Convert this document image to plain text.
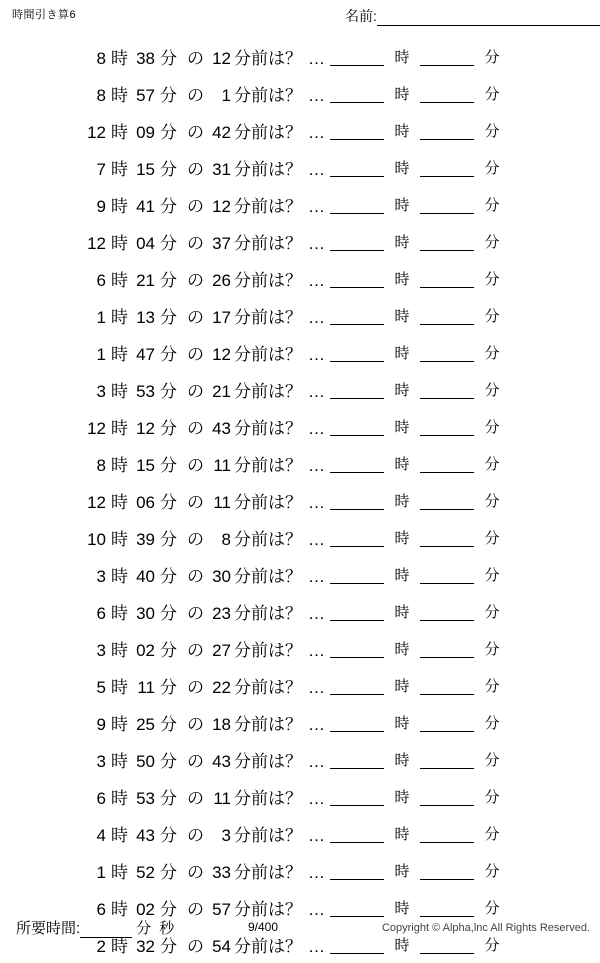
時間引き算6	名前:
8 時 38 分 の 12 分前は？ …	時	分
8 時 57 分 の	1 分前は？ …	時	分
12 時 09 分 の 42 分前は？ …	時	分
7 時 15 分 の 31 分前は？ …	時	分
9 時 41 分 の 12 分前は？ …	時	分
12 時 04 分 の 37 分前は？ …	時	分
6 時 21 分 の 26 分前は？ …	時	分
1 時 13 分 の 17 分前は？ …	時	分
1 時 47 分 の 12 分前は？ …	時	分
3 時 53 分 の 21 分前は？ …	時	分
12 時 12 分 の 43 分前は？ …	時	分
8 時 15 分 の 11 分前は？ …	時	分
12 時 06 分 の 11 分前は？ …	時	分
10 時 39 分 の	8 分前は？ …	時	分
3 時 40 分 の 30 分前は？ …	時	分
6 時 30 分 の 23 分前は？ …	時	分
3 時 02 分 の 27 分前は？ …	時	分
5 時 11 分 の 22 分前は？ …	時	分
9 時 25 分 の 18 分前は？ …	時	分
3 時 50 分 の 43 分前は？ …	時	分
6 時 53 分 の 11 分前は？ …	時	分
4 時 43 分 の	3 分前は？ …	時	分
1 時 52 分 の 33 分前は？ …	時	分
6 時 02 分 の 57 分前は？ …	時	分
2 時 32 分 の 54 分前は？ …	時	分
所要時間:	分 秒	9/400	Copyright © Alpha,lnc All Rights Reserved.
